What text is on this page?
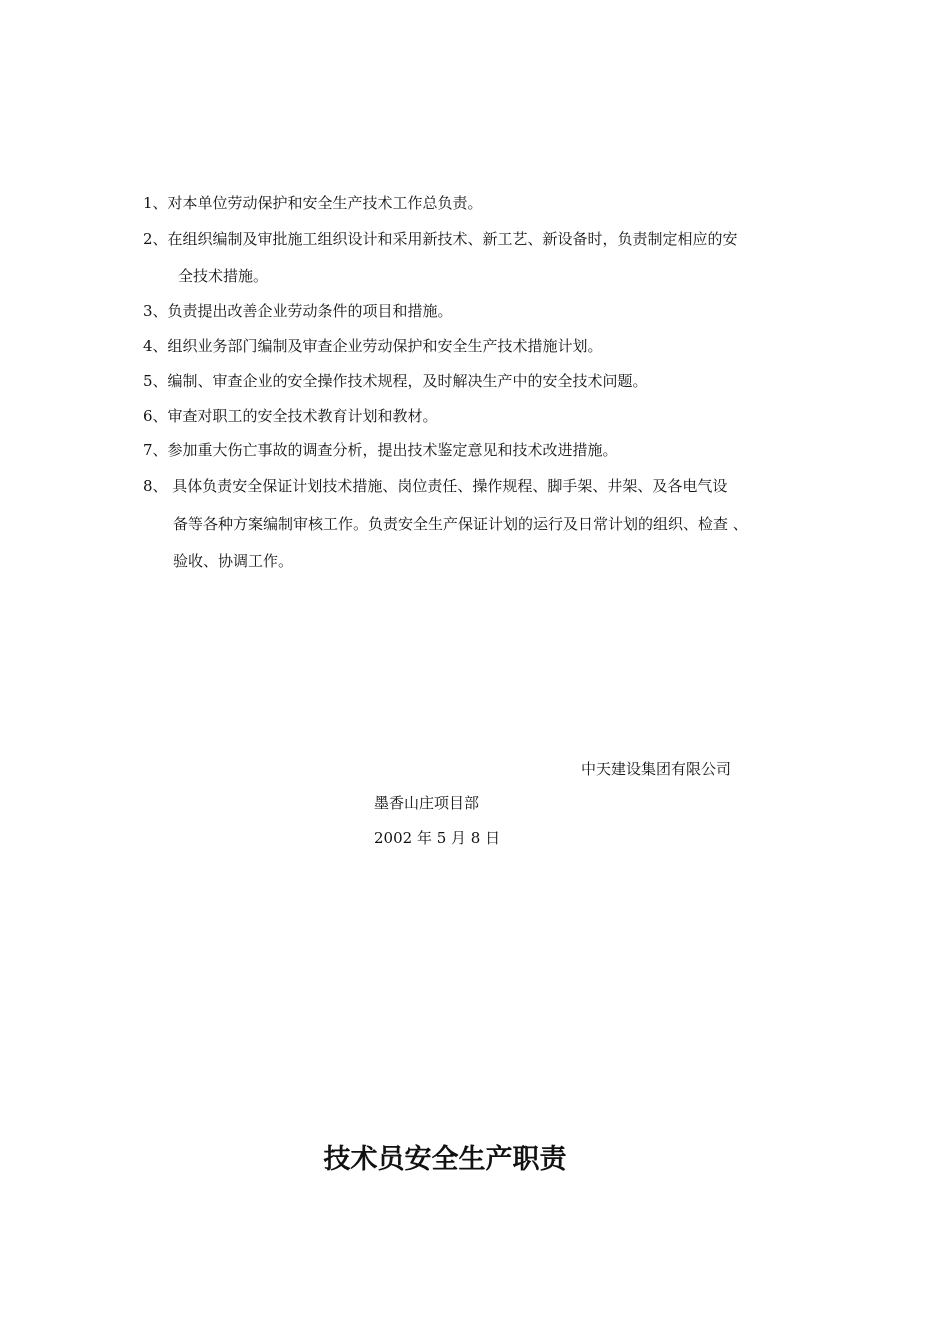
1、对本单位劳动保护和安全生产技术工作总负责。
2、在组织编制及审批施工组织设计和采用新技术、新工艺、新设备时，负责制定相应的安
全技术措施。
3、负责提出改善企业劳动条件的项目和措施。
4、组织业务部门编制及审查企业劳动保护和安全生产技术措施计划。
5、编制、审查企业的安全操作技术规程，及时解决生产中的安全技术问题。
6、审查对职工的安全技术教育计划和教材。
7、参加重大伤亡事故的调查分析，提出技术鉴定意见和技术改进措施。
8、 具体负责安全保证计划技术措施、岗位责任、操作规程、脚手架、井架、及各电气设
备等各种方案编制审核工作。负责安全生产保证计划的运行及日常计划的组织、检查 、
验收、协调工作。
中天建设集团有限公司
墨香山庄项目部
2002 年 5 月 8 日
技术员安全生产职责
